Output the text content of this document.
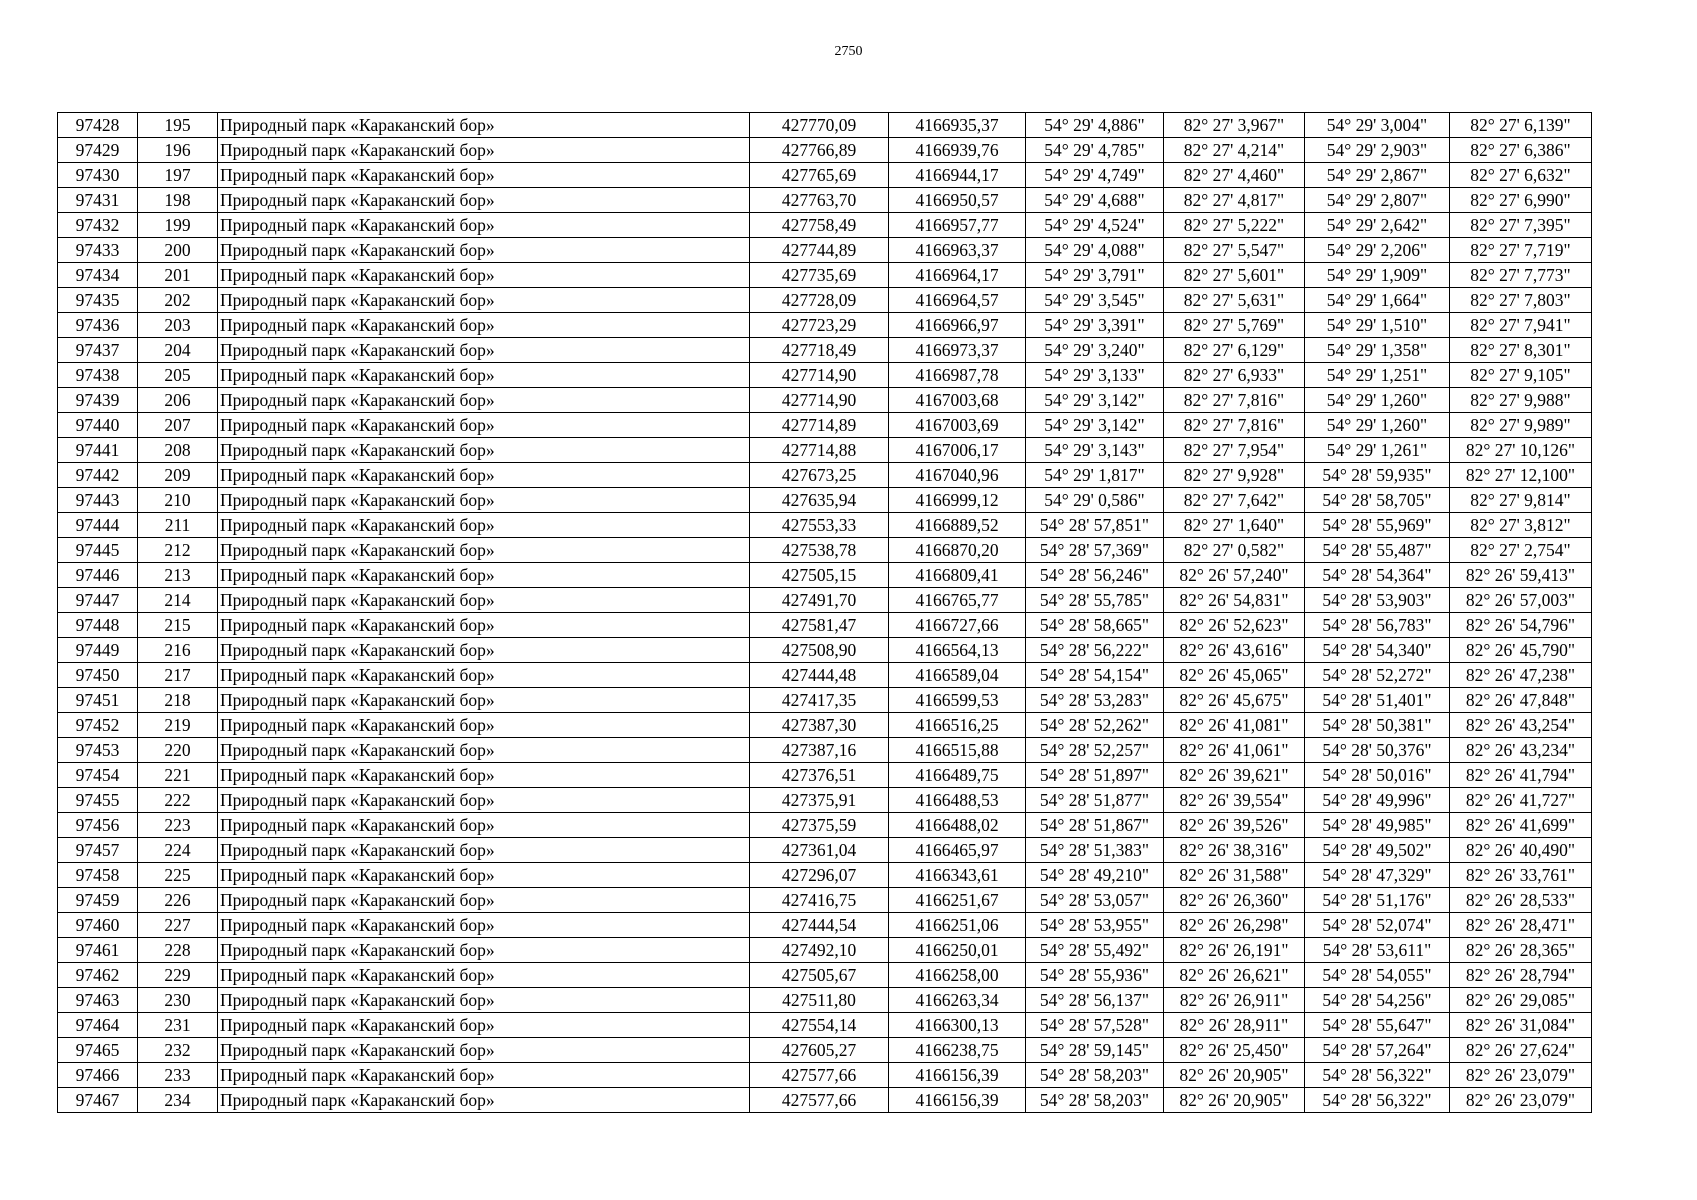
2750
97428	195	Природный парк «Караканский бор»	427770,09	4166935,37	54° 29' 4,886"	82° 27' 3,967"	54° 29' 3,004"	82° 27' 6,139"
97429	196	Природный парк «Караканский бор»	427766,89	4166939,76	54° 29' 4,785"	82° 27' 4,214"	54° 29' 2,903"	82° 27' 6,386"
97430	197	Природный парк «Караканский бор»	427765,69	4166944,17	54° 29' 4,749"	82° 27' 4,460"	54° 29' 2,867"	82° 27' 6,632"
97431	198	Природный парк «Караканский бор»	427763,70	4166950,57	54° 29' 4,688"	82° 27' 4,817"	54° 29' 2,807"	82° 27' 6,990"
97432	199	Природный парк «Караканский бор»	427758,49	4166957,77	54° 29' 4,524"	82° 27' 5,222"	54° 29' 2,642"	82° 27' 7,395"
97433	200	Природный парк «Караканский бор»	427744,89	4166963,37	54° 29' 4,088"	82° 27' 5,547"	54° 29' 2,206"	82° 27' 7,719"
97434	201	Природный парк «Караканский бор»	427735,69	4166964,17	54° 29' 3,791"	82° 27' 5,601"	54° 29' 1,909"	82° 27' 7,773"
97435	202	Природный парк «Караканский бор»	427728,09	4166964,57	54° 29' 3,545"	82° 27' 5,631"	54° 29' 1,664"	82° 27' 7,803"
97436	203	Природный парк «Караканский бор»	427723,29	4166966,97	54° 29' 3,391"	82° 27' 5,769"	54° 29' 1,510"	82° 27' 7,941"
97437	204	Природный парк «Караканский бор»	427718,49	4166973,37	54° 29' 3,240"	82° 27' 6,129"	54° 29' 1,358"	82° 27' 8,301"
97438	205	Природный парк «Караканский бор»	427714,90	4166987,78	54° 29' 3,133"	82° 27' 6,933"	54° 29' 1,251"	82° 27' 9,105"
97439	206	Природный парк «Караканский бор»	427714,90	4167003,68	54° 29' 3,142"	82° 27' 7,816"	54° 29' 1,260"	82° 27' 9,988"
97440	207	Природный парк «Караканский бор»	427714,89	4167003,69	54° 29' 3,142"	82° 27' 7,816"	54° 29' 1,260"	82° 27' 9,989"
97441	208	Природный парк «Караканский бор»	427714,88	4167006,17	54° 29' 3,143"	82° 27' 7,954"	54° 29' 1,261"	82° 27' 10,126"
97442	209	Природный парк «Караканский бор»	427673,25	4167040,96	54° 29' 1,817"	82° 27' 9,928"	54° 28' 59,935"	82° 27' 12,100"
97443	210	Природный парк «Караканский бор»	427635,94	4166999,12	54° 29' 0,586"	82° 27' 7,642"	54° 28' 58,705"	82° 27' 9,814"
97444	211	Природный парк «Караканский бор»	427553,33	4166889,52	54° 28' 57,851"	82° 27' 1,640"	54° 28' 55,969"	82° 27' 3,812"
97445	212	Природный парк «Караканский бор»	427538,78	4166870,20	54° 28' 57,369"	82° 27' 0,582"	54° 28' 55,487"	82° 27' 2,754"
97446	213	Природный парк «Караканский бор»	427505,15	4166809,41	54° 28' 56,246"	82° 26' 57,240"	54° 28' 54,364"	82° 26' 59,413"
97447	214	Природный парк «Караканский бор»	427491,70	4166765,77	54° 28' 55,785"	82° 26' 54,831"	54° 28' 53,903"	82° 26' 57,003"
97448	215	Природный парк «Караканский бор»	427581,47	4166727,66	54° 28' 58,665"	82° 26' 52,623"	54° 28' 56,783"	82° 26' 54,796"
97449	216	Природный парк «Караканский бор»	427508,90	4166564,13	54° 28' 56,222"	82° 26' 43,616"	54° 28' 54,340"	82° 26' 45,790"
97450	217	Природный парк «Караканский бор»	427444,48	4166589,04	54° 28' 54,154"	82° 26' 45,065"	54° 28' 52,272"	82° 26' 47,238"
97451	218	Природный парк «Караканский бор»	427417,35	4166599,53	54° 28' 53,283"	82° 26' 45,675"	54° 28' 51,401"	82° 26' 47,848"
97452	219	Природный парк «Караканский бор»	427387,30	4166516,25	54° 28' 52,262"	82° 26' 41,081"	54° 28' 50,381"	82° 26' 43,254"
97453	220	Природный парк «Караканский бор»	427387,16	4166515,88	54° 28' 52,257"	82° 26' 41,061"	54° 28' 50,376"	82° 26' 43,234"
97454	221	Природный парк «Караканский бор»	427376,51	4166489,75	54° 28' 51,897"	82° 26' 39,621"	54° 28' 50,016"	82° 26' 41,794"
97455	222	Природный парк «Караканский бор»	427375,91	4166488,53	54° 28' 51,877"	82° 26' 39,554"	54° 28' 49,996"	82° 26' 41,727"
97456	223	Природный парк «Караканский бор»	427375,59	4166488,02	54° 28' 51,867"	82° 26' 39,526"	54° 28' 49,985"	82° 26' 41,699"
97457	224	Природный парк «Караканский бор»	427361,04	4166465,97	54° 28' 51,383"	82° 26' 38,316"	54° 28' 49,502"	82° 26' 40,490"
97458	225	Природный парк «Караканский бор»	427296,07	4166343,61	54° 28' 49,210"	82° 26' 31,588"	54° 28' 47,329"	82° 26' 33,761"
97459	226	Природный парк «Караканский бор»	427416,75	4166251,67	54° 28' 53,057"	82° 26' 26,360"	54° 28' 51,176"	82° 26' 28,533"
97460	227	Природный парк «Караканский бор»	427444,54	4166251,06	54° 28' 53,955"	82° 26' 26,298"	54° 28' 52,074"	82° 26' 28,471"
97461	228	Природный парк «Караканский бор»	427492,10	4166250,01	54° 28' 55,492"	82° 26' 26,191"	54° 28' 53,611"	82° 26' 28,365"
97462	229	Природный парк «Караканский бор»	427505,67	4166258,00	54° 28' 55,936"	82° 26' 26,621"	54° 28' 54,055"	82° 26' 28,794"
97463	230	Природный парк «Караканский бор»	427511,80	4166263,34	54° 28' 56,137"	82° 26' 26,911"	54° 28' 54,256"	82° 26' 29,085"
97464	231	Природный парк «Караканский бор»	427554,14	4166300,13	54° 28' 57,528"	82° 26' 28,911"	54° 28' 55,647"	82° 26' 31,084"
97465	232	Природный парк «Караканский бор»	427605,27	4166238,75	54° 28' 59,145"	82° 26' 25,450"	54° 28' 57,264"	82° 26' 27,624"
97466	233	Природный парк «Караканский бор»	427577,66	4166156,39	54° 28' 58,203"	82° 26' 20,905"	54° 28' 56,322"	82° 26' 23,079"
97467	234	Природный парк «Караканский бор»	427577,66	4166156,39	54° 28' 58,203"	82° 26' 20,905"	54° 28' 56,322"	82° 26' 23,079"
